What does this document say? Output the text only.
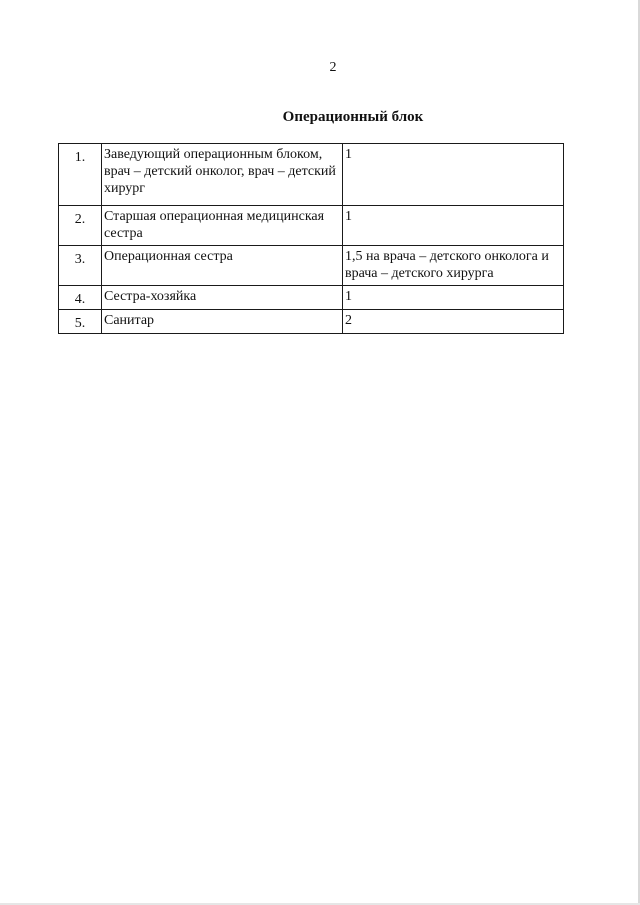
2
Операционный блок
1.	Заведующий операционным блоком, врач – детский онколог, врач – детский хирург	1
2.	Старшая операционная медицинская сестра	1
3.	Операционная сестра	1,5 на врача – детского онколога и врача – детского хирурга
4.	Сестра-хозяйка	1
5.	Санитар	2
